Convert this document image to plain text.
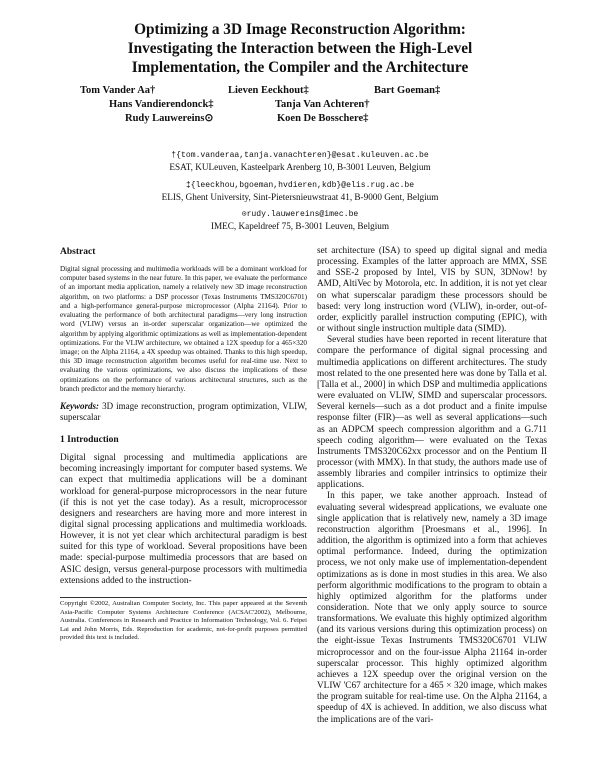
Optimizing a 3D Image Reconstruction Algorithm:
Investigating the Interaction between the High-Level
Implementation, the Compiler and the Architecture
Tom Vander Aa†	Lieven Eeckhout‡	Bart Goeman‡
Hans Vandierendonck‡	Tanja Van Achteren†
Rudy Lauwereins⊙	Koen De Bosschere‡
†{tom.vanderaa,tanja.vanachteren}@esat.kuleuven.ac.be
ESAT, KULeuven, Kasteelpark Arenberg 10, B-3001 Leuven, Belgium
‡{leeckhou,bgoeman,hvdieren,kdb}@elis.rug.ac.be
ELIS, Ghent University, Sint-Pietersnieuwstraat 41, B-9000 Gent, Belgium
⊙rudy.lauwereins@imec.be
IMEC, Kapeldreef 75, B-3001 Leuven, Belgium
Abstract

Digital signal processing and multimedia workloads will be a dominant workload for computer based systems in the near future. In this paper, we evaluate the performance of an important media application, namely a relatively new 3D image reconstruction algorithm, on two platforms: a DSP processor (Texas Instruments TMS320C6701) and a high-performance general-purpose microprocessor (Alpha 21164). Prior to evaluating the performance of both architectural paradigms—very long instruction word (VLIW) versus an in-order superscalar organization—we optimized the algorithm by applying algorithmic optimizations as well as implementation-dependent optimizations. For the VLIW architecture, we obtained a 12X speedup for a 465×320 image; on the Alpha 21164, a 4X speedup was obtained. Thanks to this high speedup, this 3D image reconstruction algorithm becomes useful for real-time use. Next to evaluating the various optimizations, we also discuss the implications of these optimizations on the performance of various architectural structures, such as the branch predictor and the memory hierarchy.

Keywords: 3D image reconstruction, program optimization, VLIW, superscalar

1 Introduction

Digital signal processing and multimedia applications are becoming increasingly important for computer based systems. We can expect that multimedia applications will be a dominant workload for general-purpose microprocessors in the near future (if this is not yet the case today). As a result, microprocessor designers and researchers are having more and more interest in digital signal processing applications and multimedia workloads. However, it is not yet clear which architectural paradigm is best suited for this type of workload. Several propositions have been made: special-purpose multimedia processors that are based on ASIC design, versus general-purpose processors with multimedia extensions added to the instruction-

Copyright ©2002, Australian Computer Society, Inc. This paper appeared at the Seventh Asia-Pacific Computer Systems Architecture Conference (ACSAC'2002), Melbourne, Australia. Conferences in Research and Practice in Information Technology, Vol. 6. Feipei Lai and John Morris, Eds. Reproduction for academic, not-for-profit purposes permitted provided this text is included.

set architecture (ISA) to speed up digital signal and media processing. Examples of the latter approach are MMX, SSE and SSE-2 proposed by Intel, VIS by SUN, 3DNow! by AMD, AltiVec by Motorola, etc. In addition, it is not yet clear on what superscalar paradigm these processors should be based: very long instruction word (VLIW), in-order, out-of-order, explicitly parallel instruction computing (EPIC), with or without single instruction multiple data (SIMD).

Several studies have been reported in recent literature that compare the performance of digital signal processing and multimedia applications on different architectures. The study most related to the one presented here was done by Talla et al. [Talla et al., 2000] in which DSP and multimedia applications were evaluated on VLIW, SIMD and superscalar processors. Several kernels—such as a dot product and a finite impulse response filter (FIR)—as well as several applications—such as an ADPCM speech compression algorithm and a G.711 speech coding algorithm— were evaluated on the Texas Instruments TMS320C62xx processor and on the Pentium II processor (with MMX). In that study, the authors made use of assembly libraries and compiler intrinsics to optimize their applications.

In this paper, we take another approach. Instead of evaluating several widespread applications, we evaluate one single application that is relatively new, namely a 3D image reconstruction algorithm [Proesmans et al., 1996]. In addition, the algorithm is optimized into a form that achieves optimal performance. Indeed, during the optimization process, we not only make use of implementation-dependent optimizations as is done in most studies in this area. We also perform algorithmic modifications to the program to obtain a highly optimized algorithm for the platforms under consideration. Note that we only apply source to source transformations. We evaluate this highly optimized algorithm (and its various versions during this optimization process) on the eight-issue Texas Instruments TMS320C6701 VLIW microprocessor and on the four-issue Alpha 21164 in-order superscalar processor. This highly optimized algorithm achieves a 12X speedup over the original version on the VLIW 'C67 architecture for a 465 × 320 image, which makes the program suitable for real-time use. On the Alpha 21164, a speedup of 4X is achieved. In addition, we also discuss what the implications are of the vari-
